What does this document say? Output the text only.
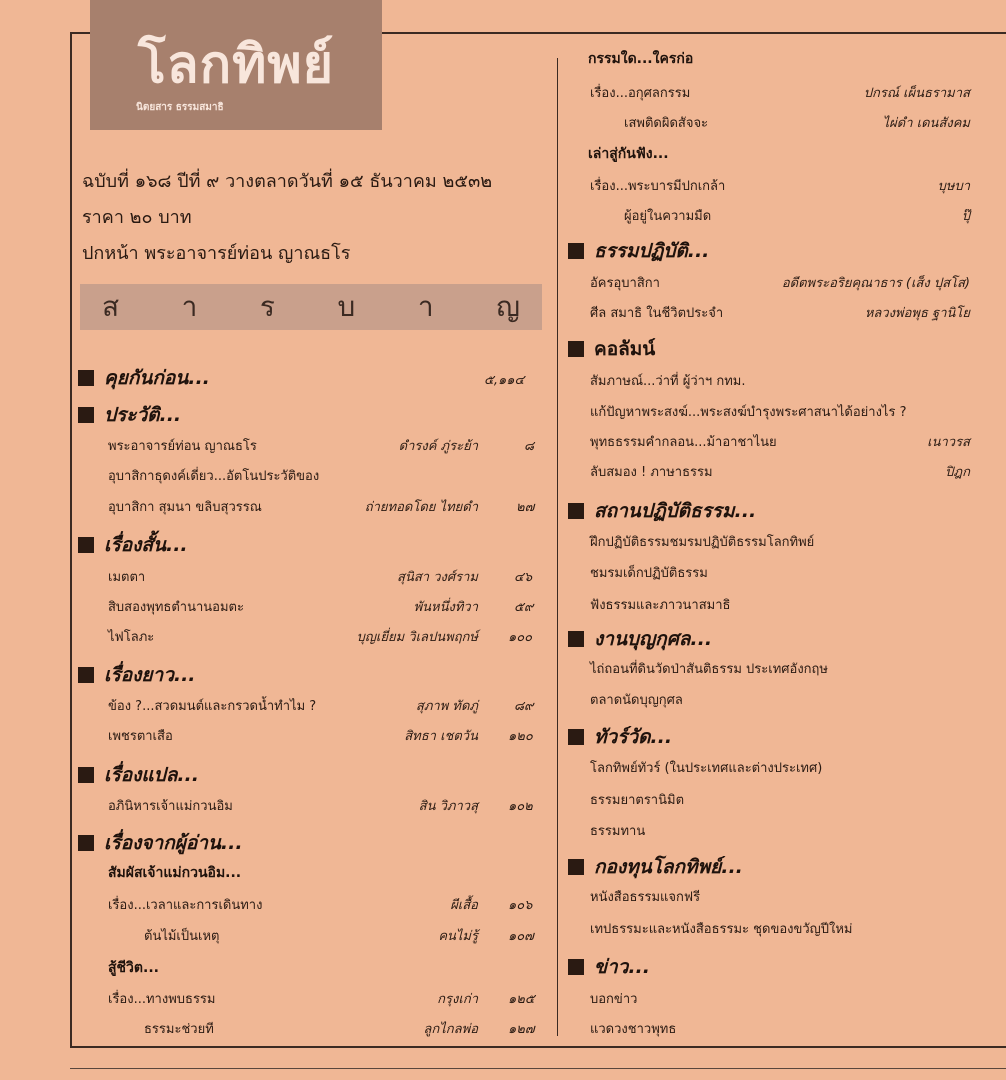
โลกทิพย์
นิตยสาร ธรรมสมาธิ
ฉบับที่ ๑๖๘ ปีที่ ๙ วางตลาดวันที่ ๑๕ ธันวาคม ๒๕๓๒
ราคา ๒๐ บาท
ปกหน้า พระอาจารย์ท่อน ญาณธโร
ส า ร บ า ญ
คุยกันก่อน...	๕,๑๑๔
ประวัติ...
พระอาจารย์ท่อน ญาณธโร	ดำรงค์ ภู่ระย้า	๘
อุบาสิกาธุดงค์เดี่ยว...อัตโนประวัติของ
อุบาสิกา สุมนา ขลิบสุวรรณ	ถ่ายทอดโดย ไทยดำ	๒๗
เรื่องสั้น...
เมตตา	สุนิสา วงศ์ราม	๔๖
สิบสองพุทธตำนานอมตะ	พันหนึ่งทิวา	๕๙
ไฟโลภะ	บุญเยี่ยม วิเลปนพฤกษ์ ๑๐๐
เรื่องยาว...
ข้อง ?...สวดมนต์และกรวดน้ำทำไม ?	สุภาพ ทัดภู่	๘๙
เพชรตาเสือ	สิทธา เชตวัน ๑๒๐
เรื่องแปล...
อภินิหารเจ้าแม่กวนอิม	สิน วิภาวสุ ๑๐๒
เรื่องจากผู้อ่าน...
สัมผัสเจ้าแม่กวนอิม...
เรื่อง...เวลาและการเดินทาง	ผีเสื้อ ๑๐๖
ต้นไม้เป็นเหตุ	คนไม่รู้ ๑๐๗
สู้ชีวิต...
เรื่อง...ทางพบธรรม	กรุงเก่า ๑๒๕
ธรรมะช่วยที	ลูกไกลพ่อ ๑๒๗
กรรมใด...ใครก่อ
เรื่อง...อกุศลกรรม	ปกรณ์ เผ็นธรามาส
เสพติดผิดสัจจะ	ไผ่ดำ เดนสังคม
เล่าสู่กันฟัง...
เรื่อง...พระบารมีปกเกล้า	บุษบา
ผู้อยู่ในความมืด	ปุ๊
ธรรมปฏิบัติ...
อัครอุบาสิกา	อดีตพระอริยคุณาธาร (เส็ง ปุสโส)
ศีล สมาธิ ในชีวิตประจำ	หลวงพ่อพุธ ฐานิโย
คอลัมน์
สัมภาษณ์...ว่าที่ ผู้ว่าฯ กทม.
แก้ปัญหาพระสงฆ์...พระสงฆ์บำรุงพระศาสนาได้อย่างไร ?
พุทธธรรมคำกลอน...ม้าอาชาไนย	เนาวรส
ลับสมอง ! ภาษาธรรม	ปิฎก
สถานปฏิบัติธรรม...
ฝึกปฏิบัติธรรมชมรมปฏิบัติธรรมโลกทิพย์
ชมรมเด็กปฏิบัติธรรม
ฟังธรรมและภาวนาสมาธิ
งานบุญกุศล...
ไถ่ถอนที่ดินวัดป่าสันติธรรม ประเทศอังกฤษ
ตลาดนัดบุญกุศล
ทัวร์วัด...
โลกทิพย์ทัวร์ (ในประเทศและต่างประเทศ)
ธรรมยาตรานิมิต
ธรรมทาน
กองทุนโลกทิพย์...
หนังสือธรรมแจกฟรี
เทปธรรมะและหนังสือธรรมะ ชุดของขวัญปีใหม่
ข่าว...
บอกข่าว
แวดวงชาวพุทธ
